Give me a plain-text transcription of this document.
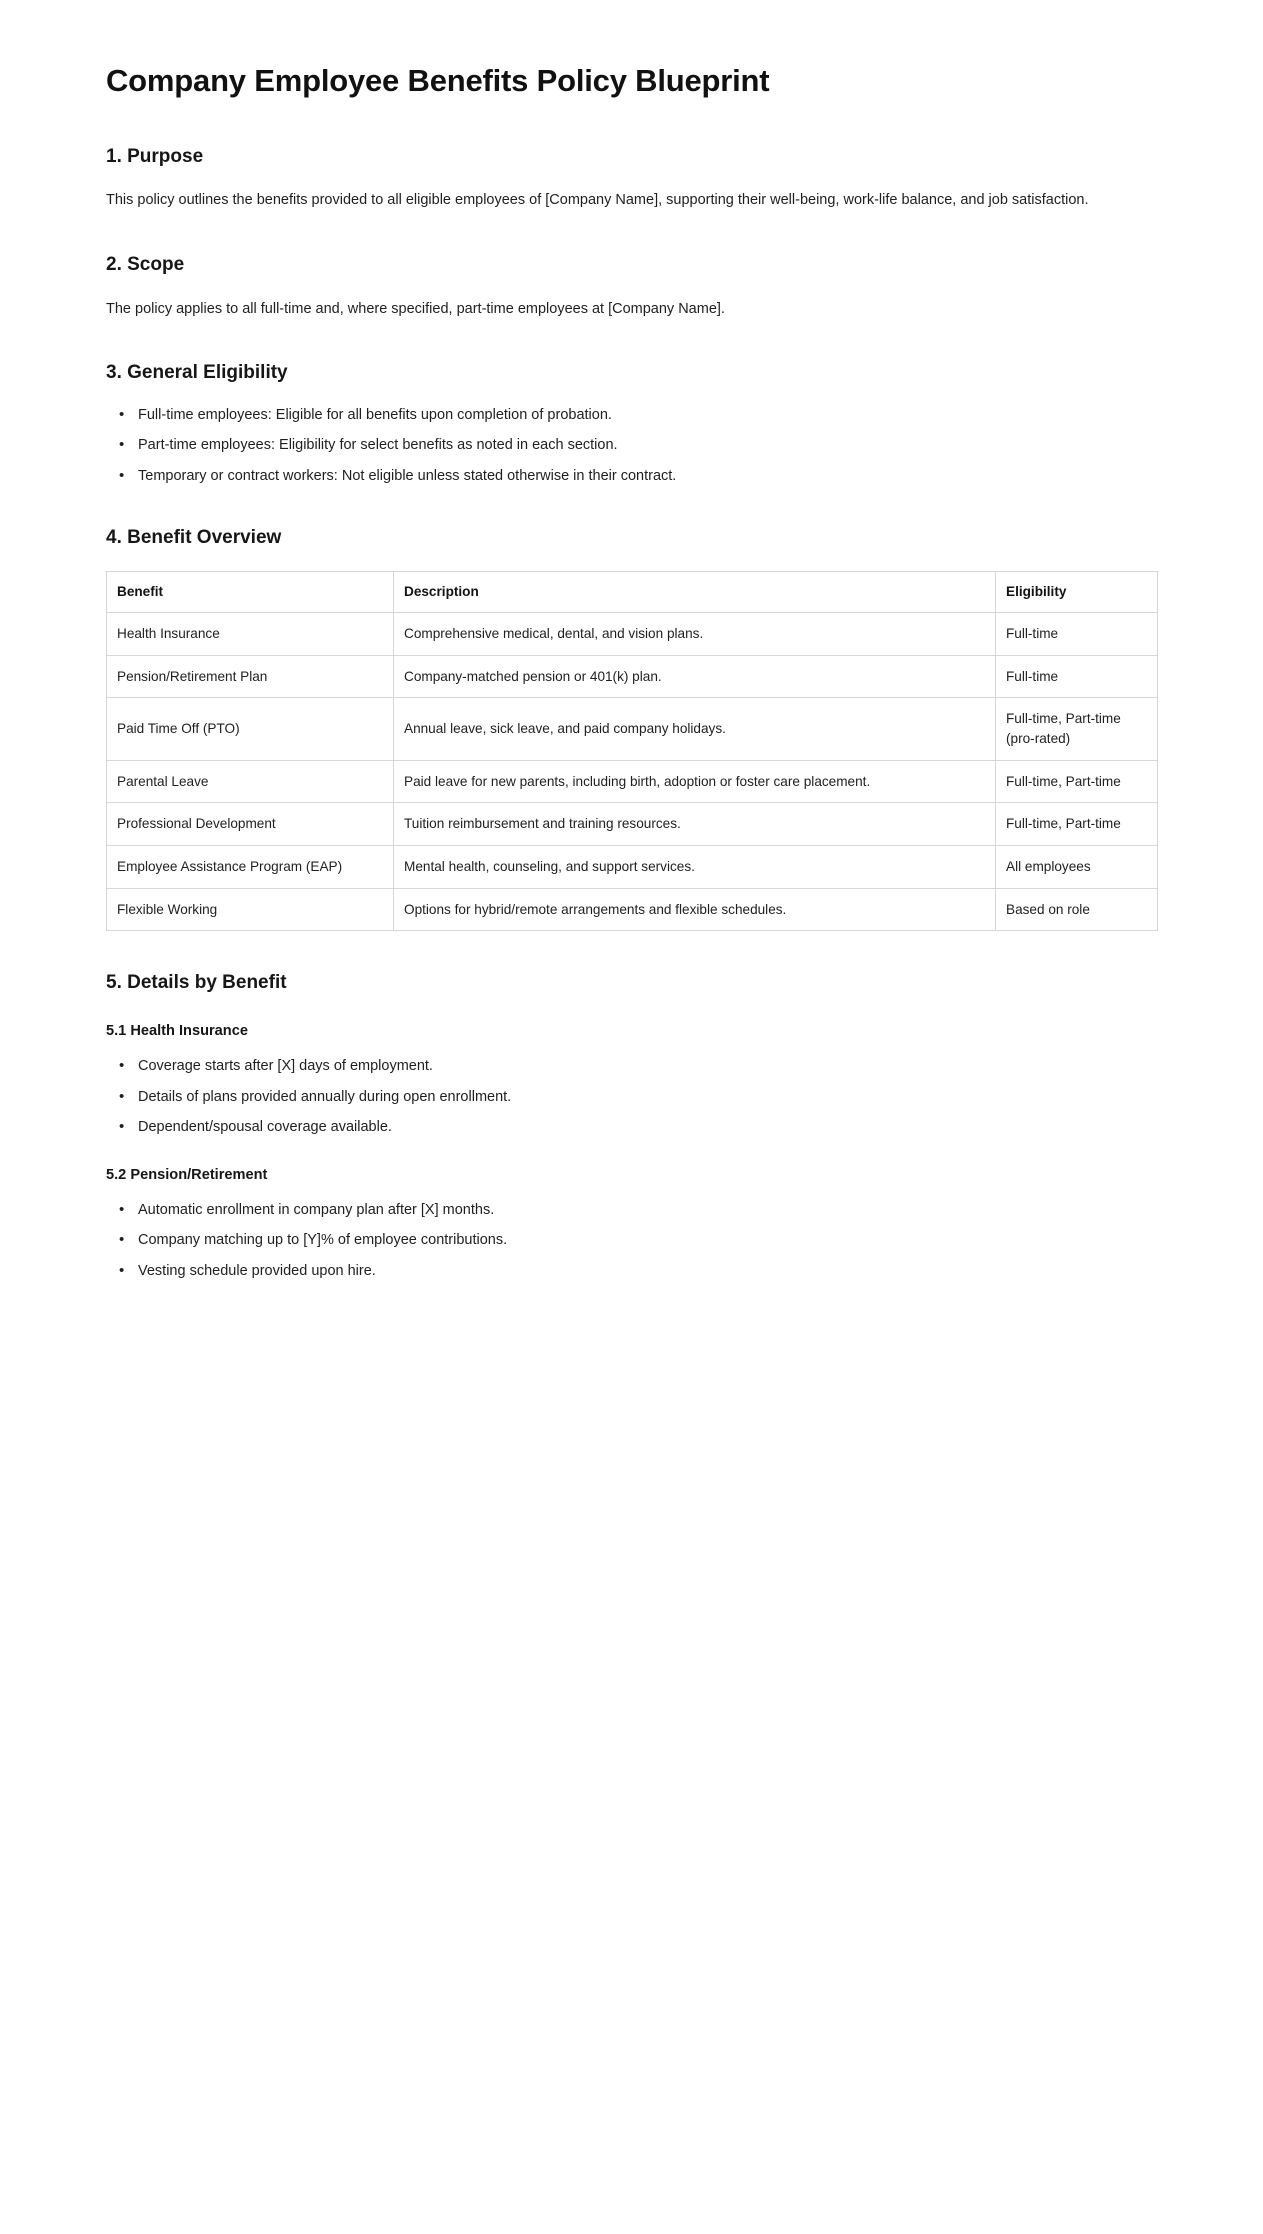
Company Employee Benefits Policy Blueprint
1. Purpose

This policy outlines the benefits provided to all eligible employees of [Company Name], supporting their well-being, work-life balance, and job satisfaction.

2. Scope

The policy applies to all full-time and, where specified, part-time employees at [Company Name].

3. General Eligibility
• Full-time employees: Eligible for all benefits upon completion of probation.
• Part-time employees: Eligibility for select benefits as noted in each section.
• Temporary or contract workers: Not eligible unless stated otherwise in their contract.
4. Benefit Overview
Benefit	Description	Eligibility
Health Insurance	Comprehensive medical, dental, and vision plans.	Full-time
Pension/Retirement Plan	Company-matched pension or 401(k) plan.	Full-time
Paid Time Off (PTO)	Annual leave, sick leave, and paid company holidays.	Full-time, Part-time (pro-rated)
Parental Leave	Paid leave for new parents, including birth, adoption or foster care placement.	Full-time, Part-time
Professional Development	Tuition reimbursement and training resources.	Full-time, Part-time
Employee Assistance Program (EAP)	Mental health, counseling, and support services.	All employees
Flexible Working	Options for hybrid/remote arrangements and flexible schedules.	Based on role
5. Details by Benefit
5.1 Health Insurance
• Coverage starts after [X] days of employment.
• Details of plans provided annually during open enrollment.
• Dependent/spousal coverage available.
5.2 Pension/Retirement
• Automatic enrollment in company plan after [X] months.
• Company matching up to [Y]% of employee contributions.
• Vesting schedule provided upon hire.
